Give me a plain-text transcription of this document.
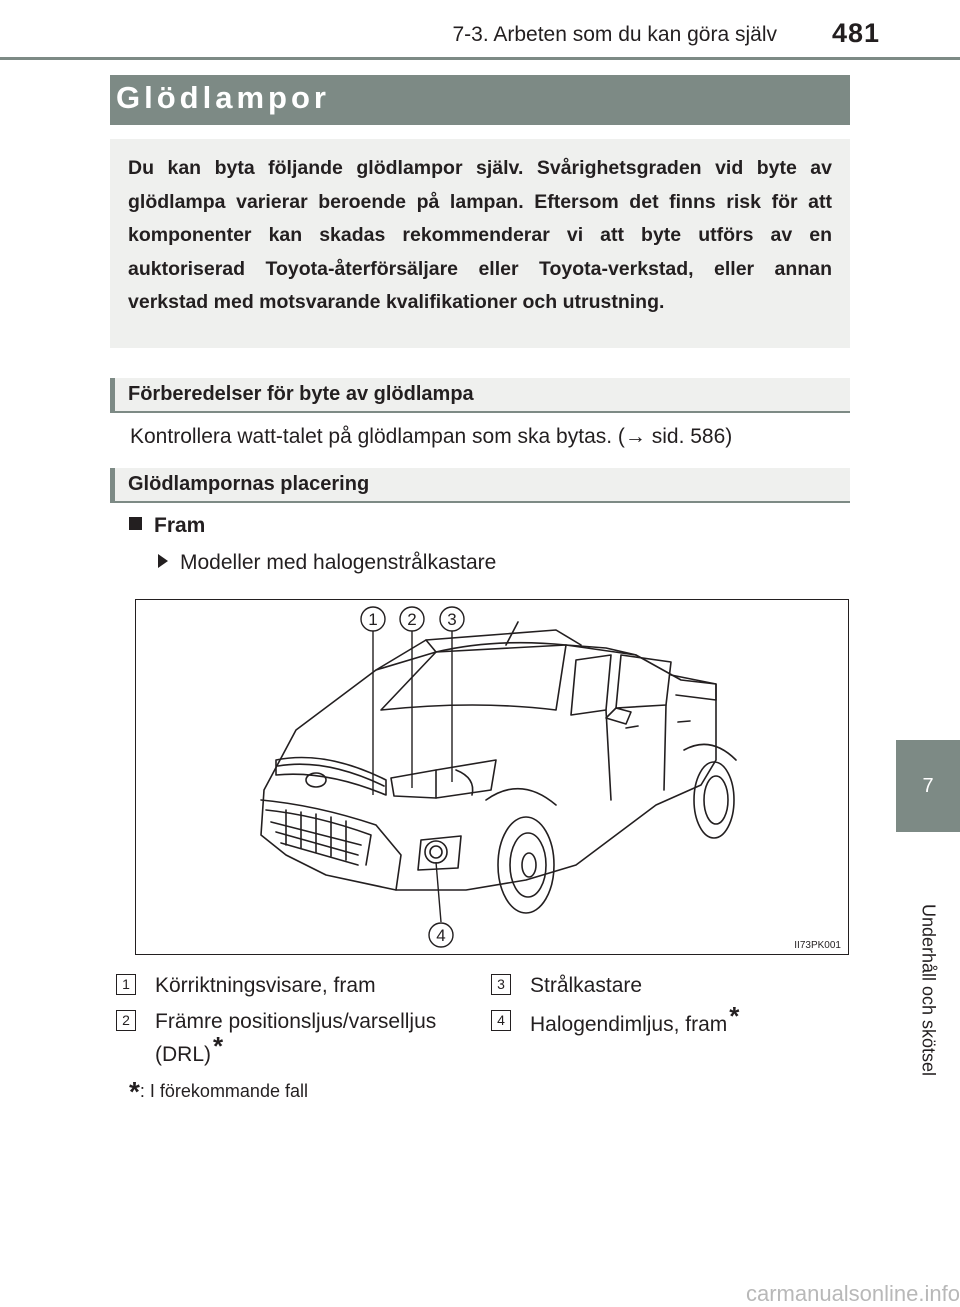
7-3. Arbeten som du kan göra själv 481
7
Underhåll och skötsel
Glödlampor
Du kan byta följande glödlampor själv. Svårighetsgraden vid byte av glödlampa varierar beroende på lampan. Eftersom det finns risk för att komponenter kan skadas rekommenderar vi att byte utförs av en auktoriserad Toyota-återförsäljare eller Toyota-verkstad, eller annan verkstad med motsvarande kvalifikationer och utrustning.
Förberedelser för byte av glödlampa
Kontrollera watt-talet på glödlampan som ska bytas. (→ sid. 586)
Glödlampornas placering
Fram
Modeller med halogenstrålkastare
1 2 3
4
II73PK001
1 Körriktningsvisare, fram
2 Främre positionsljus/varselljus (DRL)*
3 Strålkastare
4 Halogendimljus, fram*
*: I förekommande fall
carmanualsonline.info
